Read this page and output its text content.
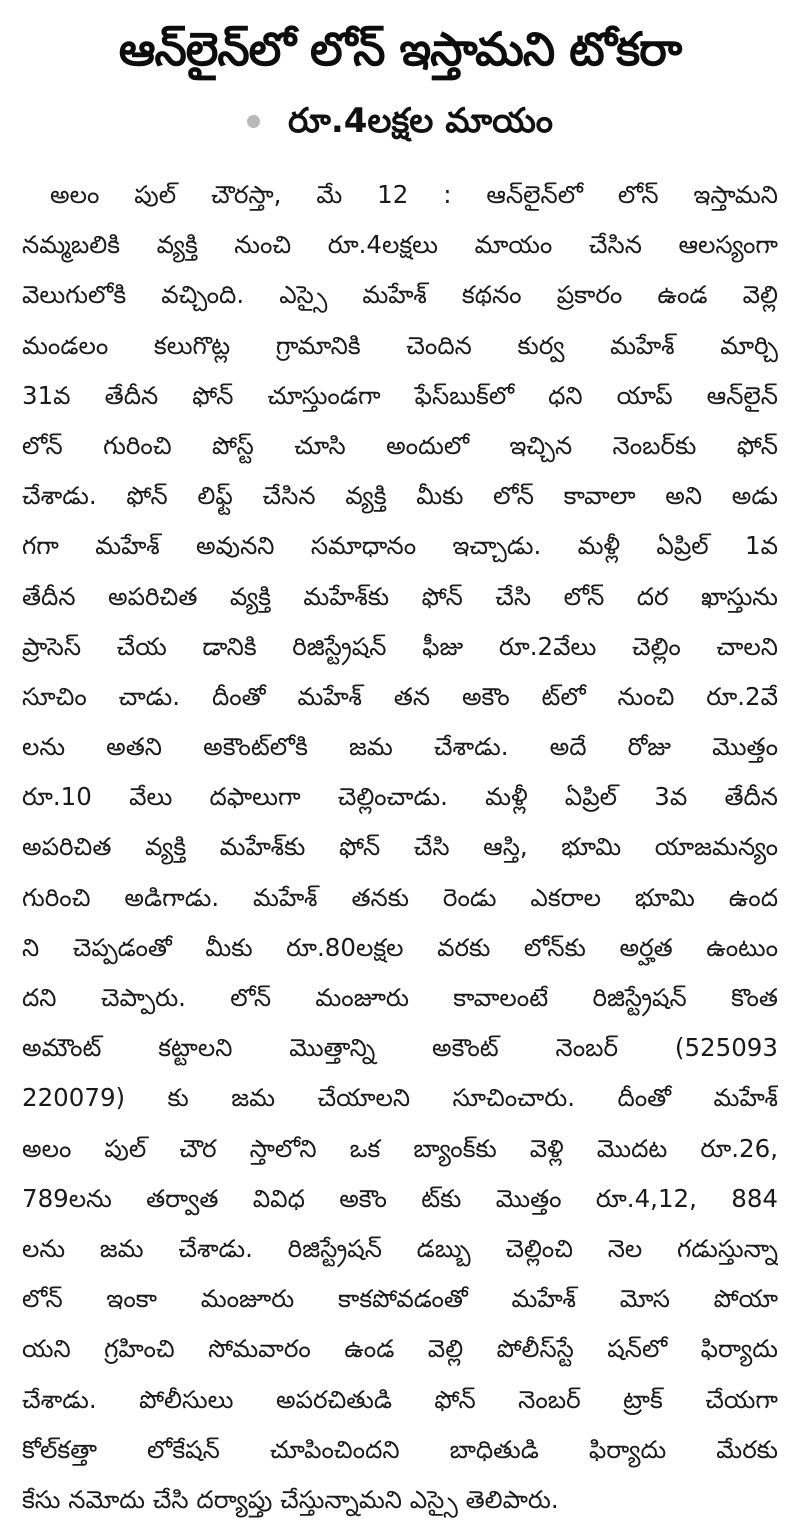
ఆన్‌లైన్‌లో లోన్ ఇస్తామని టోకరా
రూ.4లక్షల మాయం
అలం పుల్ చౌరస్తా, మే 12 : ఆన్‌లైన్‌లో లోన్ ఇస్తామని
నమ్మబలికి వ్యక్తి నుంచి రూ.4లక్షలు మాయం చేసిన ఆలస్యంగా
వెలుగులోకి వచ్చింది. ఎస్సై మహేశ్ కథనం ప్రకారం ఉండ వెల్లి
మండలం కలుగొట్ల గ్రామానికి చెందిన కుర్వ మహేశ్ మార్చి
31వ తేదీన ఫోన్ చూస్తుండగా ఫేస్‌బుక్‌లో ధని యాప్ ఆన్‌లైన్
లోన్ గురించి పోస్ట్ చూసి అందులో ఇచ్చిన నెంబర్‌కు ఫోన్
చేశాడు. ఫోన్ లిఫ్ట్ చేసిన వ్యక్తి మీకు లోన్ కావాలా అని అడు
గగా మహేశ్ అవునని సమాధానం ఇచ్చాడు. మళ్లీ ఏప్రిల్ 1వ
తేదీన అపరిచిత వ్యక్తి మహేశ్‌కు ఫోన్ చేసి లోన్ దర ఖాస్తును
ప్రాసెస్ చేయ డానికి రిజిస్ట్రేషన్ ఫీజు రూ.2వేలు చెల్లిం చాలని
సూచిం చాడు. దీంతో మహేశ్ తన అకౌం ట్‌లో నుంచి రూ.2వే
లను అతని అకౌంట్‌లోకి జమ చేశాడు. అదే రోజు మొత్తం
రూ.10 వేలు దఫాలుగా చెల్లించాడు. మళ్లీ ఏప్రిల్ 3వ తేదీన
అపరిచిత వ్యక్తి మహేశ్‌కు ఫోన్ చేసి ఆస్తి, భూమి యాజమన్యం
గురించి అడిగాడు. మహేశ్ తనకు రెండు ఎకరాల భూమి ఉంద
ని చెప్పడంతో మీకు రూ.80లక్షల వరకు లోన్‌కు అర్హత ఉంటుం
దని చెప్పారు. లోన్ మంజూరు కావాలంటే రిజిస్ట్రేషన్ కొంత
అమౌంట్ కట్టాలని మొత్తాన్ని అకౌంట్ నెంబర్ (525093
220079) కు జమ చేయాలని సూచించారు. దీంతో మహేశ్
అలం పుల్ చౌర స్తాలోని ఒక బ్యాంక్‌కు వెళ్లి మొదట రూ.26,
789లను తర్వాత వివిధ అకౌం ట్‌కు మొత్తం రూ.4,12, 884
లను జమ చేశాడు. రిజిస్ట్రేషన్ డబ్బు చెల్లించి నెల గడుస్తున్నా
లోన్ ఇంకా మంజూరు కాకపోవడంతో మహేశ్ మోస పోయా
యని గ్రహించి సోమవారం ఉండ వెల్లి పోలీస్‌స్టే షన్‌లో ఫిర్యాదు
చేశాడు. పోలీసులు అపరచితుడి ఫోన్ నెంబర్ ట్రాక్ చేయగా
కోల్‌కత్తా లోకేషన్ చూపించిందని బాధితుడి ఫిర్యాదు మేరకు
కేసు నమోదు చేసి దర్యాప్తు చేస్తున్నామని ఎస్సై తెలిపారు.
